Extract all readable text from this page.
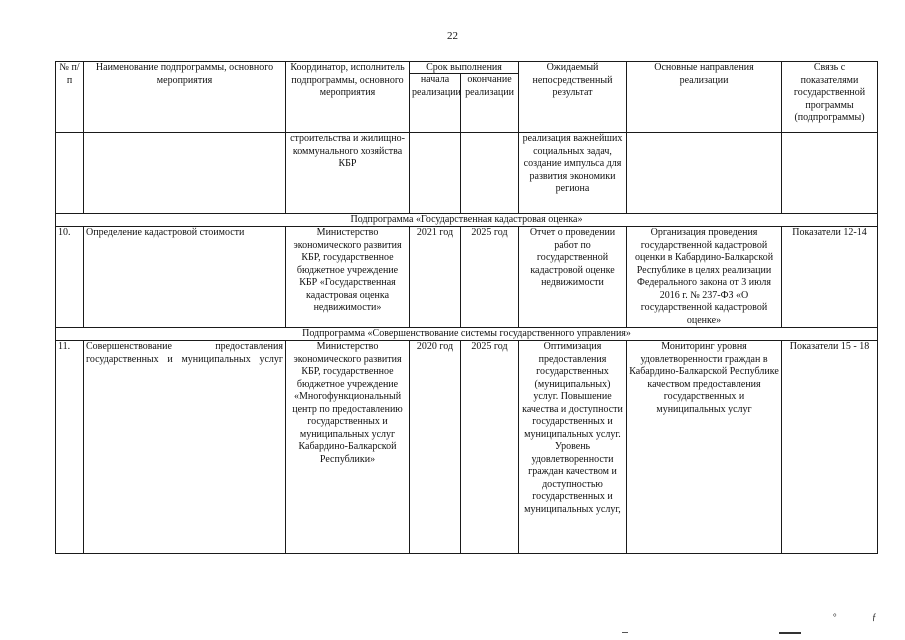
22
№ п/п	Наименование подпрограммы, основного мероприятия	Координатор, исполнитель подпрограммы, основного мероприятия	Срок выполнения		Ожидаемый непосредственный результат	Основные направления реализации	Связь с показателями государственной программы (подпрограммы)
			начала реализации	окончание реализации			
		строительства и жилищно-коммунального хозяйства КБР			реализация важнейших социальных задач, создание импульса для развития экономики региона		
Подпрограмма «Государственная кадастровая оценка»							
10.	Определение кадастровой стоимости	Министерство экономического развития КБР, государственное бюджетное учреждение КБР «Государственная кадастровая оценка недвижимости»	2021 год	2025 год	Отчет о проведении работ по государственной кадастровой оценке недвижимости	Организация проведения государственной кадастровой оценки в Кабардино-Балкарской Республике в целях реализации Федерального закона от 3 июля 2016 г. № 237-ФЗ «О государственной кадастровой оценке»	Показатели 12-14
Подпрограмма «Совершенствование системы государственного управления»							
11.	Совершенствование предоставления государственных и муниципальных услуг	Министерство экономического развития КБР, государственное бюджетное учреждение «Многофункциональный центр по предоставлению государственных и муниципальных услуг Кабардино-Балкарской Республики»	2020 год	2025 год	Оптимизация предоставления государственных (муниципальных) услуг. Повышение качества и доступности государственных и муниципальных услуг. Уровень удовлетворенности граждан качеством и доступностью государственных и муниципальных услуг,	Мониторинг уровня удовлетворенности граждан в Кабардино-Балкарской Республике качеством предоставления государственных и муниципальных услуг	Показатели 15 - 18
°	ƒ
